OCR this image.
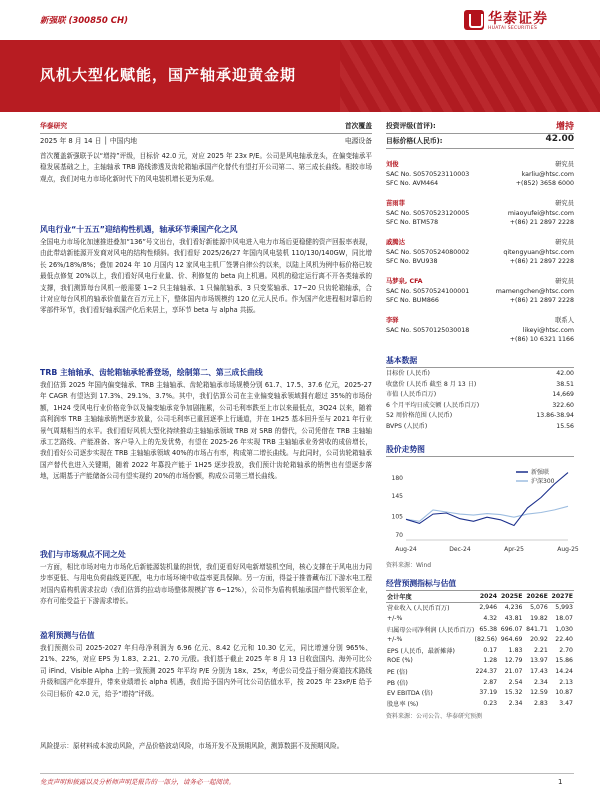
新强联 (300850 CH)	华泰证券
HUATAI SECURITIES
风机大型化赋能，国产轴承迎黄金期
华泰研究	首次覆盖
2025 年 8 月 14 日 │ 中国内地	电源设备
首次覆盖新强联予以“增持”评级，目标价 42.0 元，对应 2025 年 23x P/E。公司是风电轴承龙头，在偏变轴承平稳发展基础之上，主轴轴承 TRB 路线渗透及齿轮箱轴承国产化替代有望打开公司第二、第三成长曲线。相较市场观点，我们对电力市场化新时代下的风电装机增长更为乐观。
风电行业“十五五”迎结构性机遇，轴承环节乘国产化之风
全国电力市场化加速推进叠加“136”号文出台，我们看好新能源中风电进入电力市场后更稳健的资产回报率表现，由此带动新能源开发商对风电的结构性倾斜。我们看好 2025/26/27 年国内风电装机 110/130/140GW，同比增长 26%/18%/8%；叠加 2024 年 10 月国内 12 家风电主机厂签署自律公约以来，以陆上风机为例中标价格已较最低点修复 20%以上，我们看好风电行业量、价、利修复的 beta 向上机遇。风机的稳定运行离不开各类轴承的支撑，我们测算每台风机一般需要 1~2 只主轴轴承、1 只偏航轴承、3 只变桨轴承、17~20 只齿轮箱轴承，合计对应每台风机的轴承价值量在百万元上下，整体国内市场规模约 120 亿元人民币。作为国产化进程相对靠后的零部件环节，我们看好轴承国产化后来居上，享环节 beta 与 alpha 共振。
TRB 主轴轴承、齿轮箱轴承轮番登场，绘制第二、第三成长曲线
我们估算 2025 年国内偏变轴承、TRB 主轴轴承、齿轮箱轴承市场规模分别 61.7、17.5、37.6 亿元，2025-27 年 CAGR 有望达到 17.3%、29.1%、3.7%。其中，我们估算公司在主业偏变轴承领域拥有超过 35%的市场份额，1H24 受风电行业价格竞争以及偏变轴承竞争加剧拖累，公司毛利率跌至上市以来最低点，3Q24 以来，随着高利润率 TRB 主轴轴承销售逐步放量，公司毛利率已重回逐季上行通道，并在 1H25 基本回升至与 2021 年行业景气周期相当的水平。我们看好风机大型化持续推动主轴轴承领域 TRB 对 SRB 的替代，公司凭借在 TRB 主轴轴承工艺路线、产能准备、客户导入上的先发优势，有望在 2025-26 年实现 TRB 主轴轴承业务营收的成倍增长，我们看好公司逐步实现在 TRB 主轴轴承领域 40%的市场占有率，构成第二增长曲线。与此同时，公司齿轮箱轴承国产替代也进入关键期，随着 2022 年募投产能于 1H25 逐步投放，我们预计齿轮箱轴承的销售也有望逐步落地，远期基于产能储备公司有望实现约 20%的市场份额，构成公司第三增长曲线。
我们与市场观点不同之处
一方面，相比市场对电力市场化后新能源装机量的担忧，我们更看好风电新增装机空间，核心支撑在于风电出力同步率更低、与用电负荷曲线更匹配，电力市场环境中收益率更具保障。另一方面，得益于推普藏布江下游水电工程对国内盾构机需求拉动（我们估算约拉动市场整体规模扩容 6~12%），公司作为盾构机轴承国产替代领军企业，亦有可能受益于下游需求增长。
盈利预测与估值
我们预测公司 2025-2027 年归母净利润为 6.96 亿元、8.42 亿元和 10.30 亿元，同比增速分别 965%、21%、22%，对应 EPS 为 1.83、2.21、2.70 元/股。我们基于截止 2025 年 8 月 13 日收盘国内、海外可比公司 iFind、Visible Alpha 上的一致预测 2025 年平均 P/E 分别为 18x、25x，考虑公司受益于细分赛道技术路线升级和国产化率提升，带来业绩增长 alpha 机遇，我们给予国内外可比公司估值水平，按 2025 年 23xP/E 给予公司目标价 42.0 元，给予“增持”评级。
风险提示：原材料成本波动风险，产品价格波动风险，市场开发不及预期风险，测算数据不及预期风险。
投资评级(首评):	增持
目标价格(人民币):	42.00
刘俊	研究员
SAC No. S0570523110003	karliu@htsc.com
SFC No. AVM464	+(852) 3658 6000
苗雨菲	研究员
SAC No. S0570523120005	miaoyufei@htsc.com
SFC No. BTM578	+(86) 21 2897 2228
戚腾达	研究员
SAC No. S0570524080002	qitengyuan@htsc.com
SFC No. BVU938	+(86) 21 2897 2228
马梦泉, CFA	研究员
SAC No. S0570524100001	mamengchen@htsc.com
SFC No. BUM866	+(86) 21 2897 2228
李驿	联系人
SAC No. S0570125030018	likeyi@htsc.com
+(86) 10 6321 1166
基本数据
目标价 (人民币)	42.00
收盘价 (人民币 截至 8 月 13 日)	38.51
市值 (人民币百万)	14,669
6 个月平均日成交额 (人民币百万)	322.60
52 周价格范围 (人民币)	13.86-38.94
BVPS (人民币)	15.56
股价走势图
70
105
145
180
Aug-24	Dec-24	Apr-25	Aug-25
新强联
沪深300
资料来源：Wind
经营预测指标与估值
会计年度	2024	2025E	2026E	2027E
营业收入 (人民币百万)	2,946	4,236	5,076	5,993
+/-%	4.32	43.81	19.82	18.07
归属母公司净利润 (人民币百万)	65.38	696.07	841.71	1,030
+/-%	(82.56)	964.69	20.92	22.40
EPS (人民币，最新摊薄)	0.17	1.83	2.21	2.70
ROE (%)	1.28	12.79	13.97	15.86
PE (倍)	224.37	21.07	17.43	14.24
PB (倍)	2.87	2.54	2.34	2.13
EV EBITDA (倍)	37.19	15.32	12.59	10.87
股息率 (%)	0.23	2.34	2.83	3.47
资料来源：公司公告、华泰研究预测
免责声明和披露以及分析师声明是报告的一部分，请务必一起阅读。	1
